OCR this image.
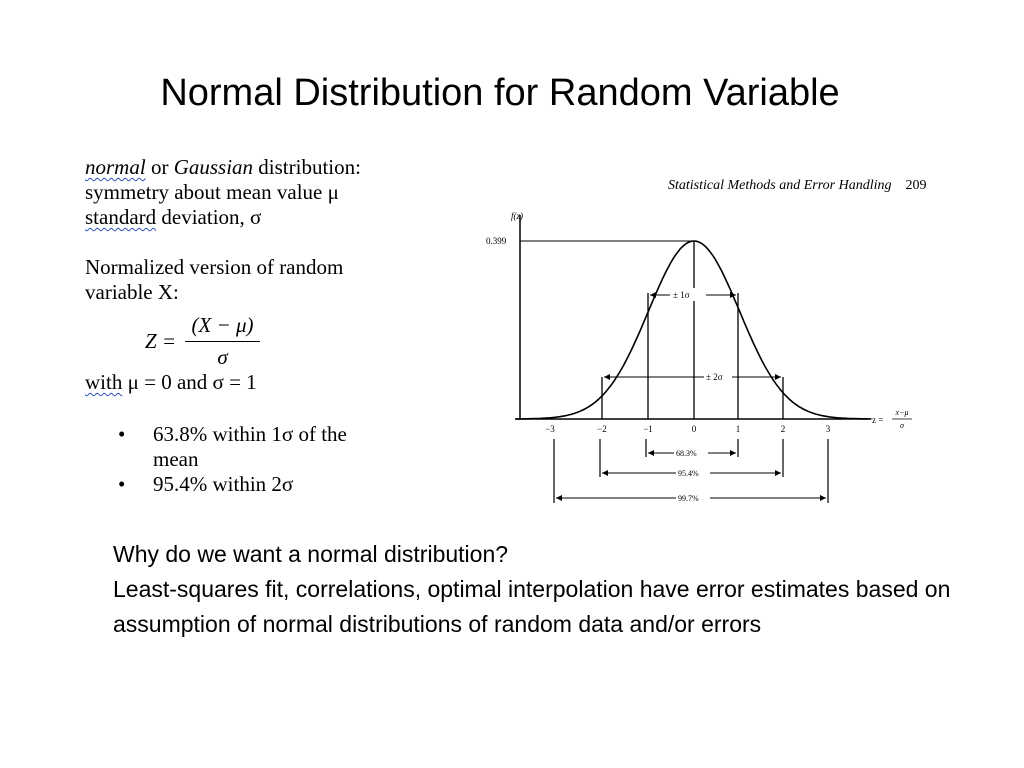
Normal Distribution for Random Variable

normal or Gaussian distribution:

symmetry about mean value μ

standard deviation, σ

Normalized version of random

variable X:

Z =
(X − μ)
σ
with μ = 0 and σ = 1
• 63.8% within 1σ of the mean
• 95.4% within 2σ
Statistical Methods and Error Handling 209
f(z)
0.399
± 1σ
± 2σ
−3	−2	−1	0	1	2	3
z =
x−μ
σ
68.3%
95.4%
99.7%

Why do we want a normal distribution?

Least-squares fit, correlations, optimal interpolation have error estimates based on assumption of normal distributions of random data and/or errors
